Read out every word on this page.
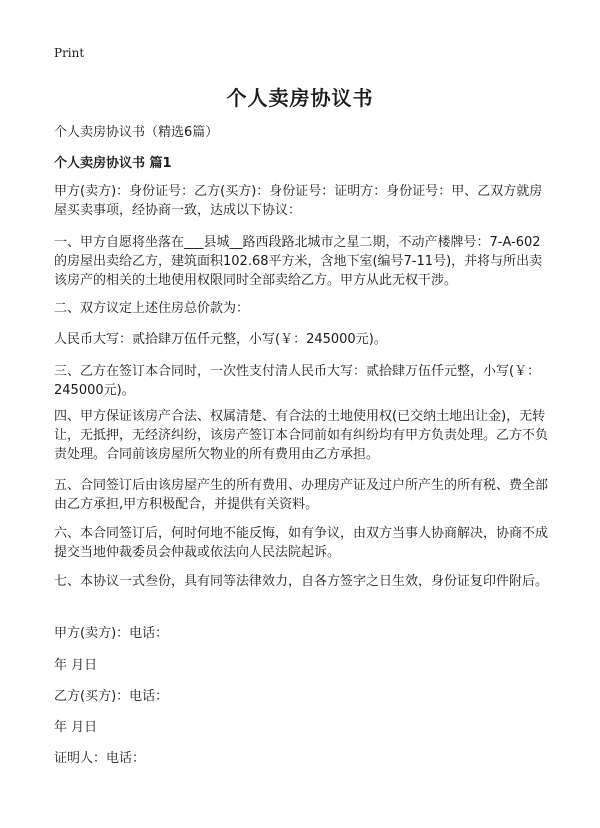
Print
个人卖房协议书
个人卖房协议书（精选6篇）
个人卖房协议书 篇1

甲方(卖方)：身份证号：乙方(买方)：身份证号：证明方：身份证号：甲、乙双方就房屋买卖事项，经协商一致，达成以下协议：

一、甲方自愿将坐落在___县城__路西段路北城市之星二期，不动产楼牌号：7-A-602的房屋出卖给乙方，建筑面积102.68平方米，含地下室(编号7-11号)，并将与所出卖该房产的相关的土地使用权限同时全部卖给乙方。甲方从此无权干涉。

二、双方议定上述住房总价款为：

人民币大写：贰拾肆万伍仟元整，小写(￥：245000元)。

三、乙方在签订本合同时，一次性支付清人民币大写：贰拾肆万伍仟元整，小写(￥：245000元)。

四、甲方保证该房产合法、权属清楚、有合法的土地使用权(已交纳土地出让金)，无转让，无抵押，无经济纠纷，该房产签订本合同前如有纠纷均有甲方负责处理。乙方不负责处理。合同前该房屋所欠物业的所有费用由乙方承担。

五、合同签订后由该房屋产生的所有费用、办理房产证及过户所产生的所有税、费全部由乙方承担,甲方积极配合，并提供有关资料。

六、本合同签订后，何时何地不能反悔，如有争议，由双方当事人协商解决，协商不成提交当地仲裁委员会仲裁或依法向人民法院起诉。

七、本协议一式叁份，具有同等法律效力，自各方签字之日生效，身份证复印件附后。

甲方(卖方)：电话：

年 月日

乙方(买方)：电话：

年 月日

证明人：电话：
